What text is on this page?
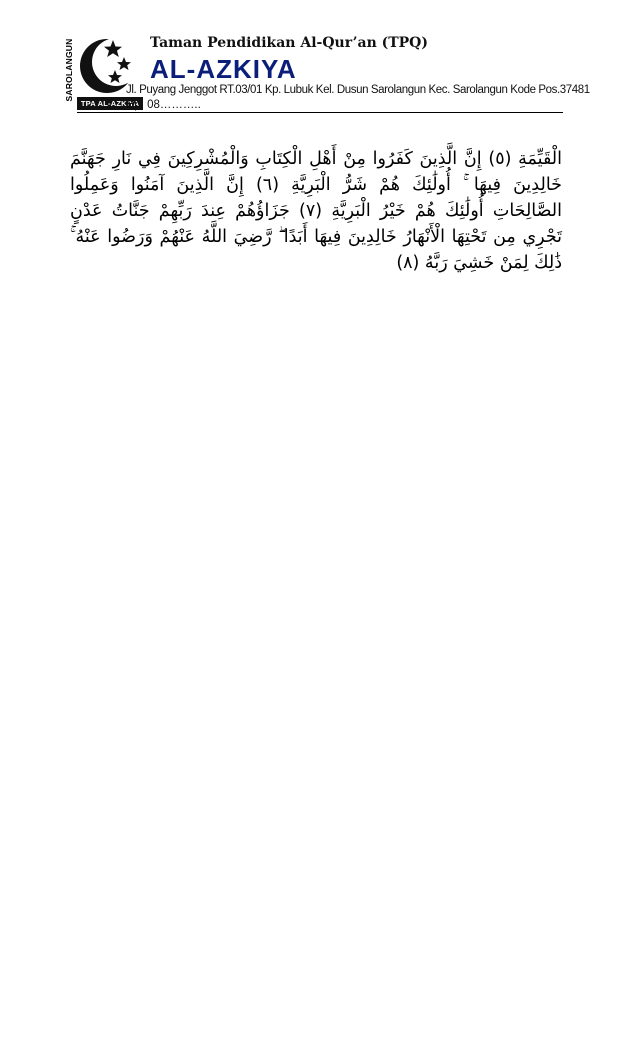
SAROLANGUN
TPA AL-AZKIYA
Taman Pendidikan Al-Qur’an (TPQ)
AL-AZKIYA
Jl. Puyang Jenggot RT.03/01 Kp. Lubuk Kel. Dusun Sarolangun Kec. Sarolangun Kode Pos.37481
Hp. 08………..
الْقَيِّمَةِ (٥) إِنَّ الَّذِينَ كَفَرُوا مِنْ أَهْلِ الْكِتَابِ وَالْمُشْرِكِينَ فِي نَارِ جَهَنَّمَ خَالِدِينَ فِيهَا ۚ أُولَٰئِكَ هُمْ شَرُّ الْبَرِيَّةِ (٦) إِنَّ الَّذِينَ آمَنُوا وَعَمِلُوا الصَّالِحَاتِ أُولَٰئِكَ هُمْ خَيْرُ الْبَرِيَّةِ (٧) جَزَاؤُهُمْ عِندَ رَبِّهِمْ جَنَّاتُ عَدْنٍ تَجْرِي مِن تَحْتِهَا الْأَنْهَارُ خَالِدِينَ فِيهَا أَبَدًا ۖ رَّضِيَ اللَّهُ عَنْهُمْ وَرَضُوا عَنْهُ ۚ ذَٰلِكَ لِمَنْ خَشِيَ رَبَّهُ (٨)
